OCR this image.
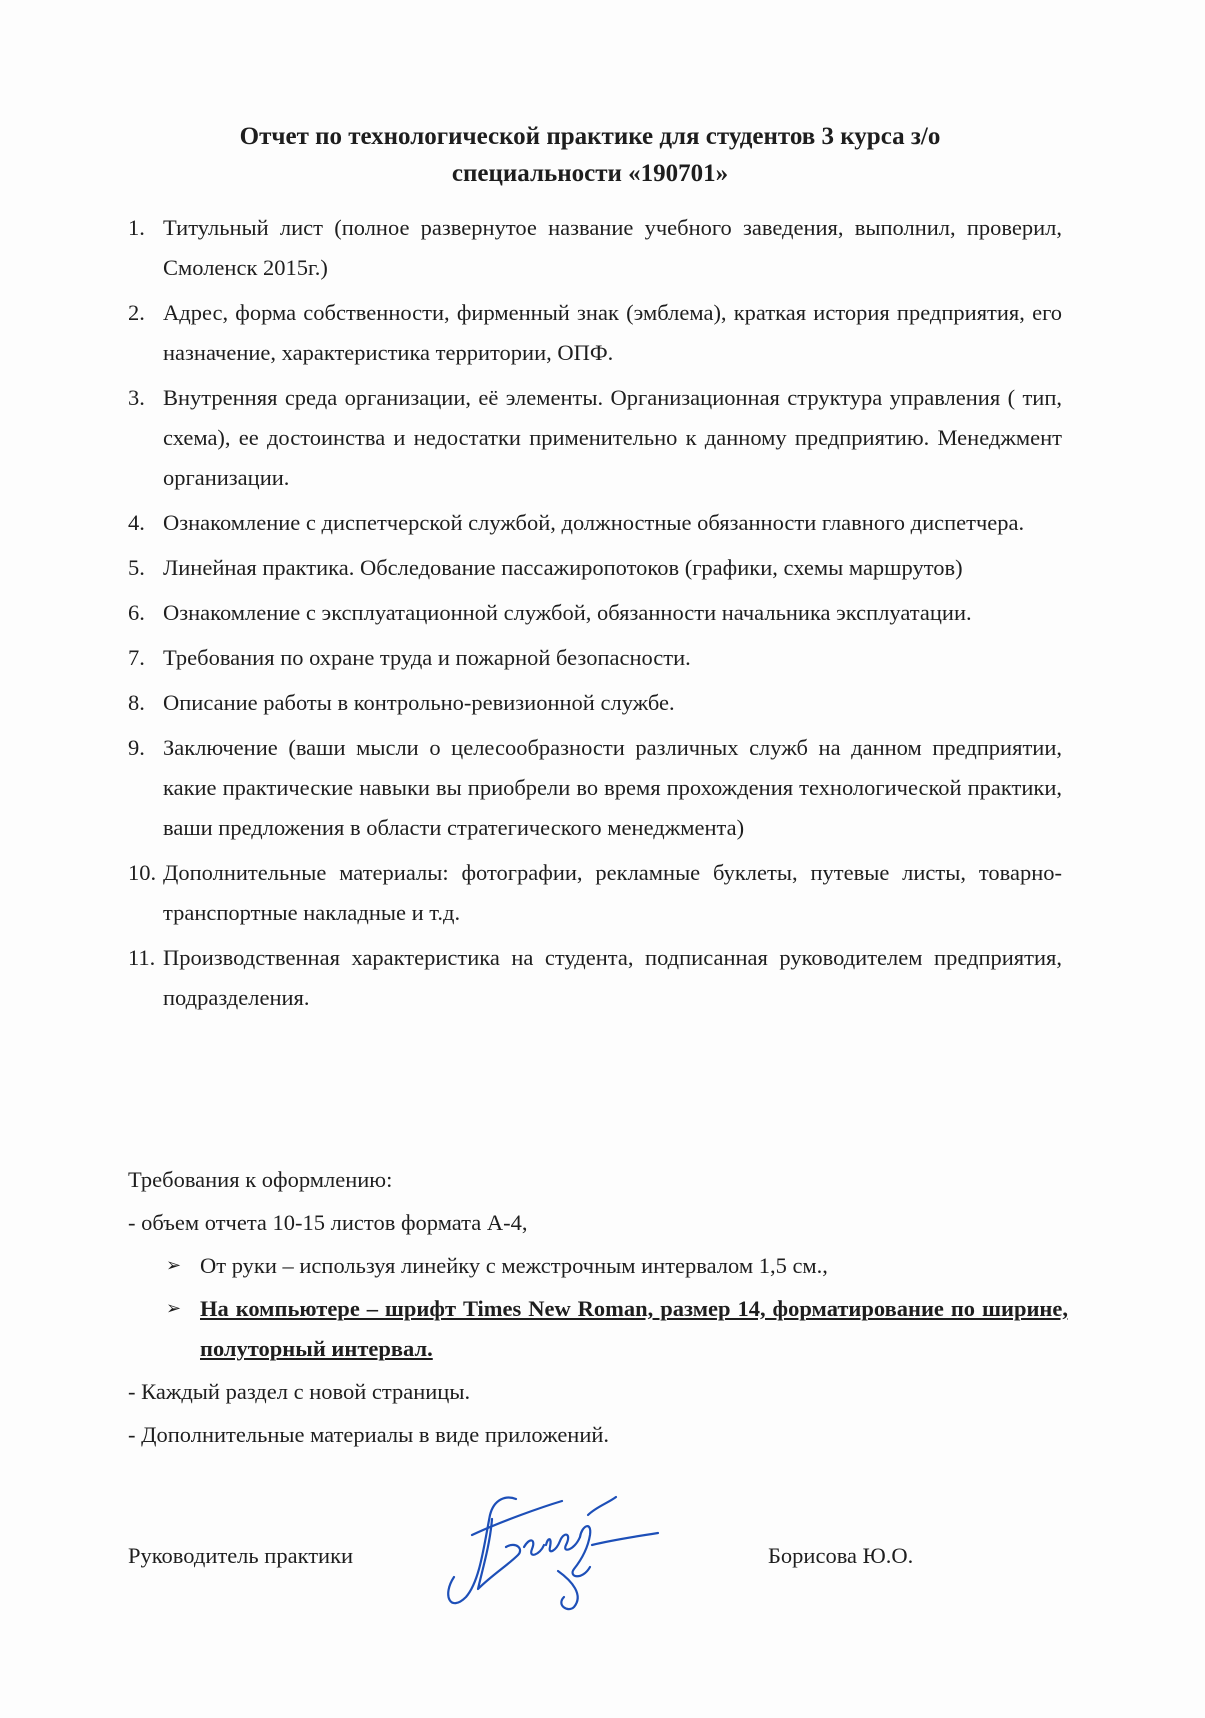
Отчет по технологической практике для студентов 3 курса з/о
специальности «190701»
1. Титульный лист (полное развернутое название учебного заведения, выполнил, проверил, Смоленск 2015г.)
2. Адрес, форма собственности, фирменный знак (эмблема), краткая история предприятия, его назначение, характеристика территории, ОПФ.
3. Внутренняя среда организации, её элементы. Организационная структура управления ( тип, схема), ее достоинства и недостатки применительно к данному предприятию. Менеджмент организации.
4. Ознакомление с диспетчерской службой, должностные обязанности главного диспетчера.
5. Линейная практика. Обследование пассажиропотоков (графики, схемы маршрутов)
6. Ознакомление с эксплуатационной службой, обязанности начальника эксплуатации.
7. Требования по охране труда и пожарной безопасности.
8. Описание работы в контрольно-ревизионной службе.
9. Заключение (ваши мысли о целесообразности различных служб на данном предприятии, какие практические навыки вы приобрели во время прохождения технологической практики, ваши предложения в области стратегического менеджмента)
10. Дополнительные материалы: фотографии, рекламные буклеты, путевые листы, товарно-транспортные накладные и т.д.
11. Производственная характеристика на студента, подписанная руководителем предприятия, подразделения.
Требования к оформлению:
- объем отчета 10-15 листов формата А-4,
➢ От руки – используя линейку с межстрочным интервалом 1,5 см.,
➢ На компьютере – шрифт Times New Roman, размер 14, форматирование по ширине, полуторный интервал.
- Каждый раздел с новой страницы.
- Дополнительные материалы в виде приложений.
Руководитель практики	Борисова Ю.О.
